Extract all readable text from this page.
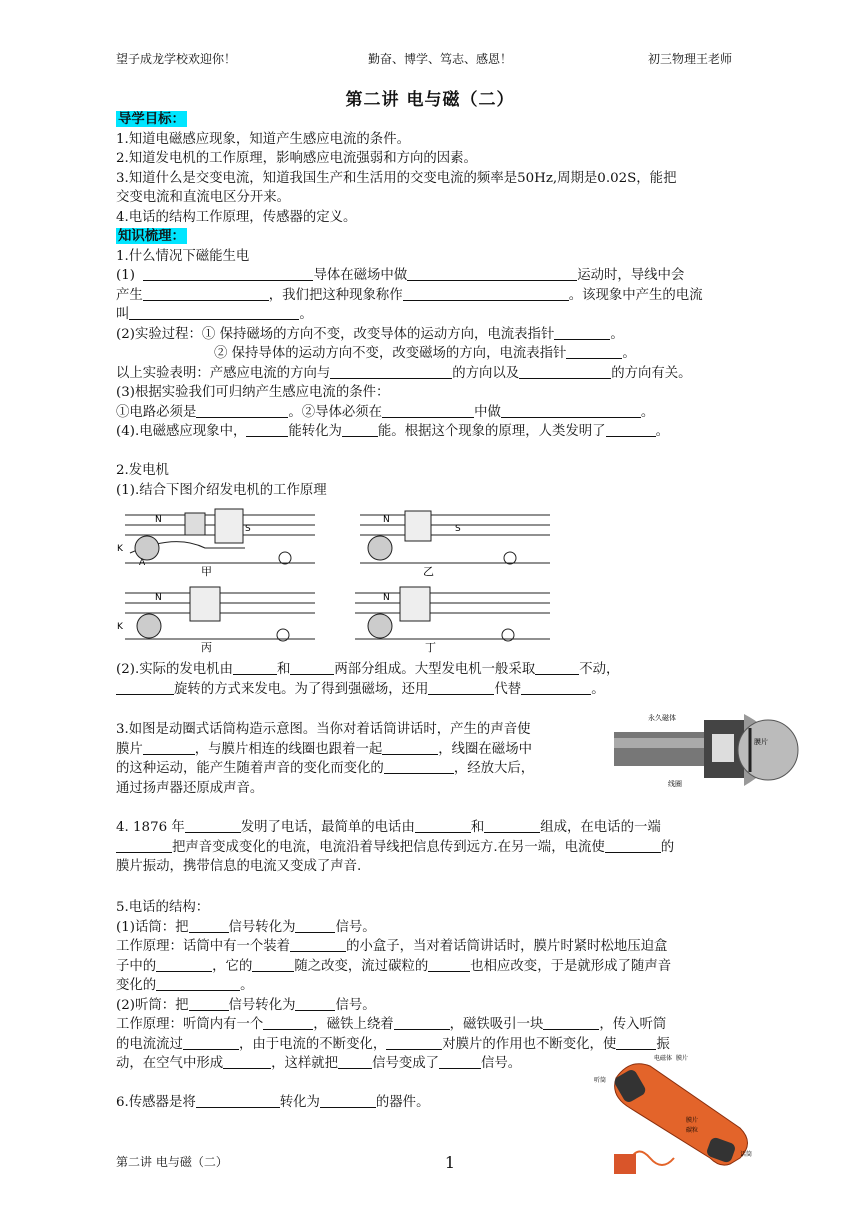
望子成龙学校欢迎你！	勤奋、博学、笃志、感恩！	初三物理王老师
第二讲 电与磁（二）
导学目标：
1.知道电磁感应现象，知道产生感应电流的条件。
2.知道发电机的工作原理，影响感应电流强弱和方向的因素。
3.知道什么是交变电流，知道我国生产和生活用的交变电流的频率是50Hz,周期是0.02S，能把
交变电流和直流电区分开来。
4.电话的结构工作原理，传感器的定义。
知识梳理：
1.什么情况下磁能生电
(1)	导体在磁场中做	运动时，导线中会
产生	，我们把这种现象称作	。该现象中产生的电流
叫	。
(2)实验过程：① 保持磁场的方向不变，改变导体的运动方向，电流表指针	。
② 保持导体的运动方向不变，改变磁场的方向，电流表指针	。
以上实验表明：产感应电流的方向与	的方向以及	的方向有关。
(3)根据实验我们可归纳产生感应电流的条件：
①电路必须是	。②导体必须在	中做	。
(4).电磁感应现象中，	能转化为	能。根据这个现象的原理，人类发明了	。

2.发电机
(1).结合下图介绍发电机的工作原理
N
S
K
A
甲
N
S
乙
N
K
丙
N
丁
(2).实际的发电机由	和	两部分组成。大型发电机一般采取	不动，
旋转的方式来发电。为了得到强磁场，还用	代替	。
3.如图是动圈式话筒构造示意图。当你对着话筒讲话时，产生的声音使
膜片	，与膜片相连的线圈也跟着一起	，线圈在磁场中
的这种运动，能产生随着声音的变化而变化的	，经放大后，
通过扬声器还原成声音。
永久磁体
膜片
线圈
4. 1876 年	发明了电话，最简单的电话由	和	组成，在电话的一端
把声音变成变化的电流，电流沿着导线把信息传到远方.在另一端，电流使	的
膜片振动，携带信息的电流又变成了声音.
5.电话的结构：
(1)话筒：把	信号转化为	信号。
工作原理：话筒中有一个装着	的小盒子，当对着话筒讲话时，膜片时紧时松地压迫盒
子中的	，它的	随之改变，流过碳粒的	也相应改变，于是就形成了随声音
变化的	。
(2)听筒：把	信号转化为	信号。
工作原理：听筒内有一个	，磁铁上绕着	，磁铁吸引一块	，传入听筒
的电流流过	，由于电流的不断变化，	对膜片的作用也不断变化，使	振
动，在空气中形成	，这样就把	信号变成了	信号。

6.传感器是将	转化为	的器件。
电磁体 膜片
听筒
膜片
碳粒
话筒
第二讲 电与磁（二）	1
